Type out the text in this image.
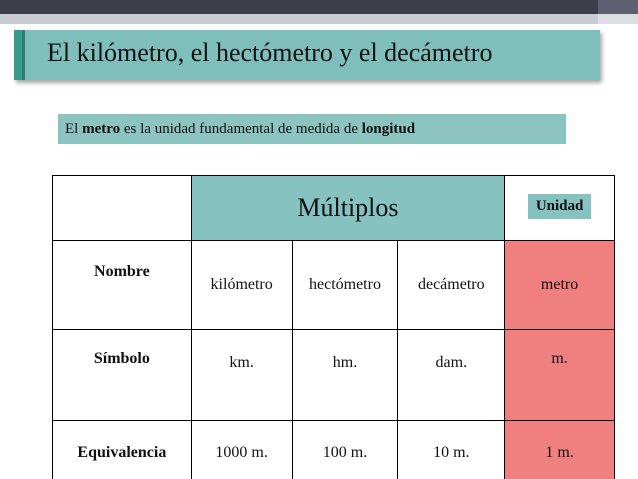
El kilómetro, el hectómetro y el decámetro
El metro es la unidad fundamental de medida de longitud
	Múltiplos			Unidad
Nombre	kilómetro	hectómetro	decámetro	metro
Símbolo	km.	hm.	dam.	m.
Equivalencia	1000 m.	100 m.	10 m.	1 m.
